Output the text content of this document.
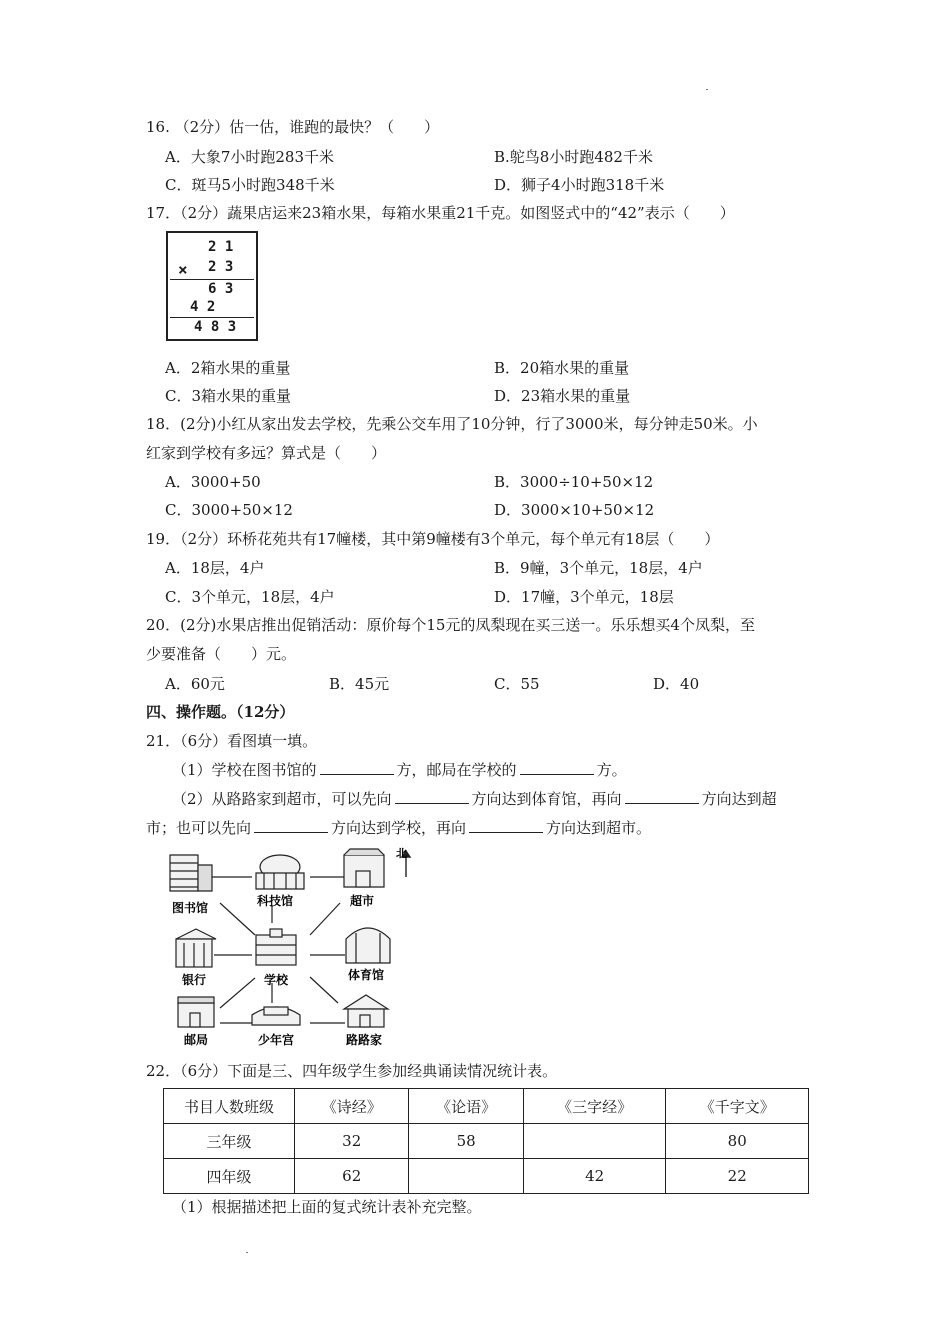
16. （2分）估一估，谁跑的最快？（　　）
A．大象7小时跑283千米	B.鸵鸟8小时跑482千米
C．斑马5小时跑348千米	D．狮子4小时跑318千米
17．（2分）蔬果店运来23箱水果，每箱水果重21千克。如图竖式中的“42”表示（　　）
2 1
× 2 3
6 3
4 2
4 8 3
A．2箱水果的重量	B．20箱水果的重量
C．3箱水果的重量	D．23箱水果的重量
18．(2分)小红从家出发去学校，先乘公交车用了10分钟，行了3000米，每分钟走50米。小
红家到学校有多远？算式是（　　）
A．3000+50	B．3000÷10+50×12
C．3000+50×12	D．3000×10+50×12
19．（2分）环桥花苑共有17幢楼，其中第9幢楼有3个单元，每个单元有18层（　　）
A．18层，4户	B．9幢，3个单元，18层，4户
C．3个单元，18层，4户	D．17幢，3个单元，18层
20．(2分)水果店推出促销活动：原价每个15元的凤梨现在买三送一。乐乐想买4个凤梨，至
少要准备（　　）元。
A．60元	B．45元	C．55	D．40
四、操作题。（12分）
21．（6分）看图填一填。
（1）学校在图书馆的	方，邮局在学校的	方。
（2）从路路家到超市，可以先向	方向达到体育馆，再向	方向达到超
市；也可以先向	方向达到学校，再向	方向达到超市。
图书馆	科技馆	超市
北
银行	学校	体育馆
邮局	少年宫	路路家
22．（6分）下面是三、四年级学生参加经典诵读情况统计表。
书目人数班级	《诗经》	《论语》	《三字经》	《千字文》
三年级	32	58		80
四年级	62		42	22
（1）根据描述把上面的复式统计表补充完整。
